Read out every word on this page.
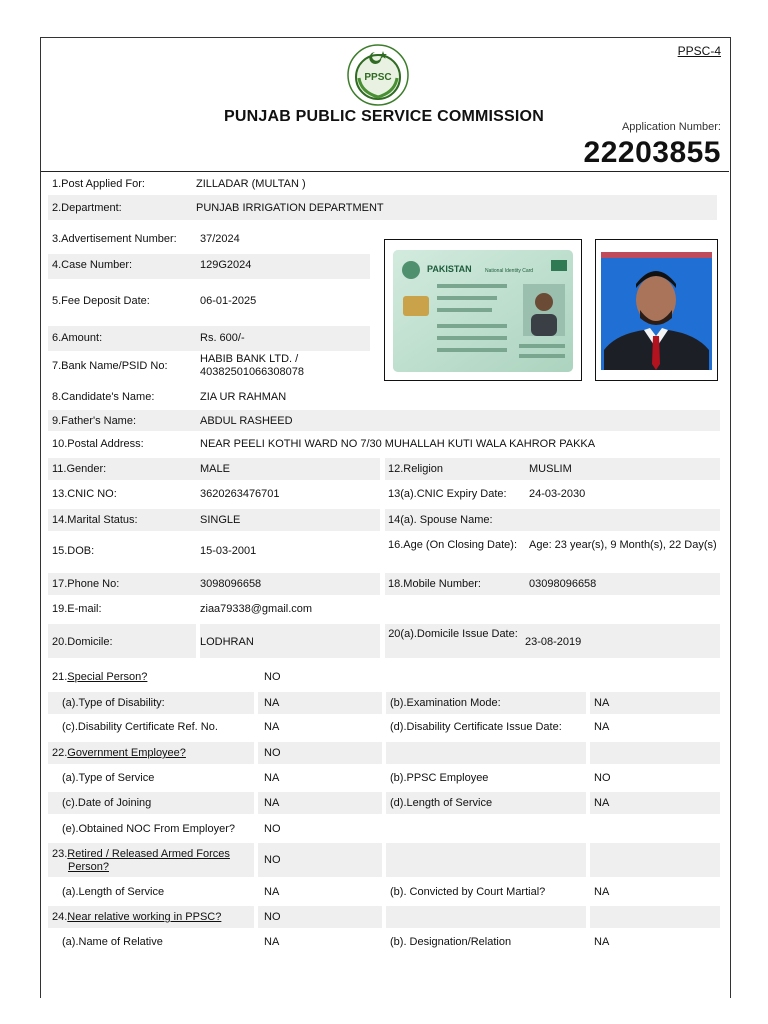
PPSC-4
PPSC
PUNJAB PUBLIC SERVICE COMMISSION
Application Number:
22203855
PAKISTAN	National Identity Card
1.Post Applied For:	ZILLADAR (MULTAN )
2.Department:	PUNJAB IRRIGATION DEPARTMENT
3.Advertisement Number: 37/2024
4.Case Number:	129G2024
5.Fee Deposit Date:	06-01-2025
6.Amount:	Rs. 600/-
7.Bank Name/PSID No:
HABIB BANK LTD. /
40382501066308078
8.Candidate's Name:	ZIA UR RAHMAN
9.Father's Name:	ABDUL RASHEED
10.Postal Address:	NEAR PEELI KOTHI WARD NO 7/30 MUHALLAH KUTI WALA KAHROR PAKKA
11.Gender:	MALE	12.Religion	MUSLIM
13.CNIC NO:	3620263476701	13(a).CNIC Expiry Date: 24-03-2030
14.Marital Status:	SINGLE	14(a). Spouse Name:
15.DOB:	15-03-2001	16.Age (On Closing Date): Age: 23 year(s), 9 Month(s), 22 Day(s)
17.Phone No:	3098096658	18.Mobile Number:	03098096658
19.E-mail:	ziaa79338@gmail.com
20.Domicile:	LODHRAN
20(a).Domicile Issue Date:
23-08-2019
21.Special Person?	NO
(a).Type of Disability:	NA	(b).Examination Mode:	NA
(c).Disability Certificate Ref. No.	NA	(d).Disability Certificate Issue Date:	NA
22.Government Employee?	NO
(a).Type of Service	NA	(b).PPSC Employee	NO
(c).Date of Joining	NA	(d).Length of Service	NA
(e).Obtained NOC From Employer?	NO
23.Retired / Released Armed Forces
Person?
NO
(a).Length of Service	NA	(b). Convicted by Court Martial?	NA
24.Near relative working in PPSC?	NO
(a).Name of Relative	NA	(b). Designation/Relation	NA
